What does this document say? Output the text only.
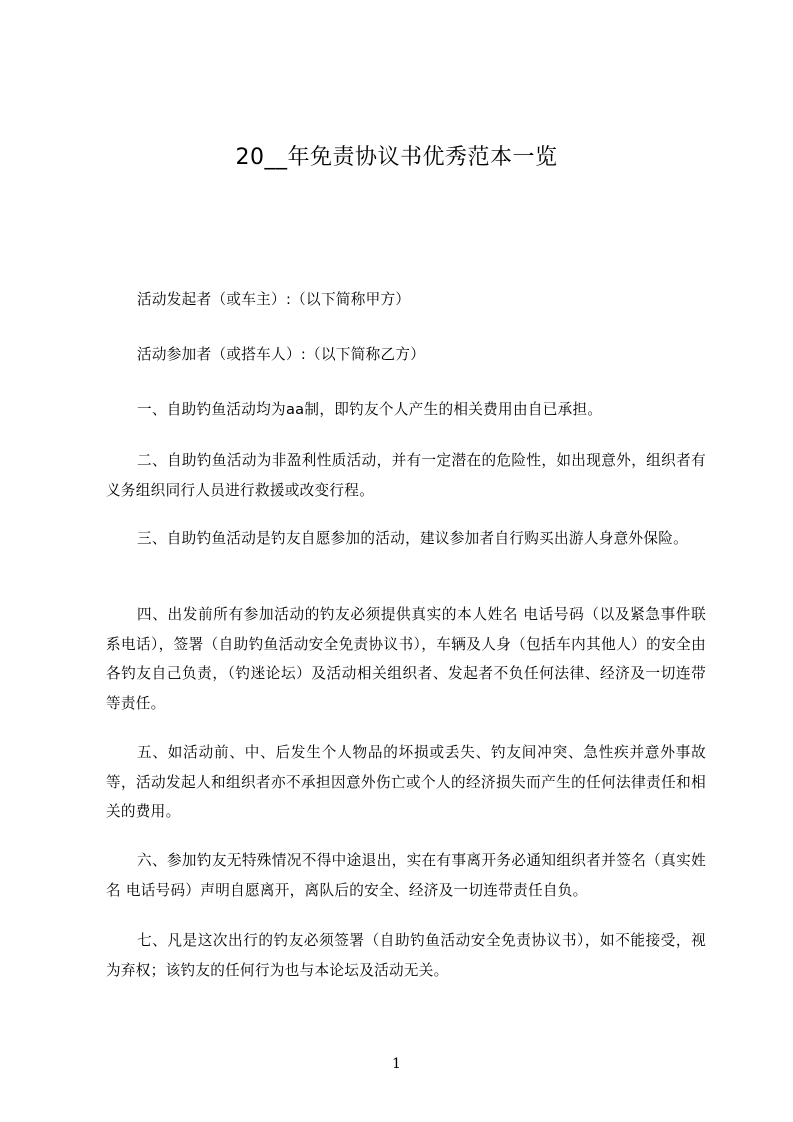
20__年免责协议书优秀范本一览
活动发起者（或车主）:（以下简称甲方）
活动参加者（或搭车人）:（以下简称乙方）
一、自助钓鱼活动均为aa制，即钓友个人产生的相关费用由自已承担。
二、自助钓鱼活动为非盈利性质活动，并有一定潜在的危险性，如出现意外，组织者有义务组织同行人员进行救援或改变行程。
三、自助钓鱼活动是钓友自愿参加的活动，建议参加者自行购买出游人身意外保险。
四、出发前所有参加活动的钓友必须提供真实的本人姓名 电话号码（以及紧急事件联系电话），签署（自助钓鱼活动安全免责协议书），车辆及人身（包括车内其他人）的安全由各钓友自己负责，（钓迷论坛）及活动相关组织者、发起者不负任何法律、经济及一切连带等责任。
五、如活动前、中、后发生个人物品的坏损或丢失、钓友间冲突、急性疾并意外事故等，活动发起人和组织者亦不承担因意外伤亡或个人的经济损失而产生的任何法律责任和相关的费用。
六、参加钓友无特殊情况不得中途退出，实在有事离开务必通知组织者并签名（真实姓名 电话号码）声明自愿离开，离队后的安全、经济及一切连带责任自负。
七、凡是这次出行的钓友必须签署（自助钓鱼活动安全免责协议书），如不能接受，视为弃权；该钓友的任何行为也与本论坛及活动无关。
1
